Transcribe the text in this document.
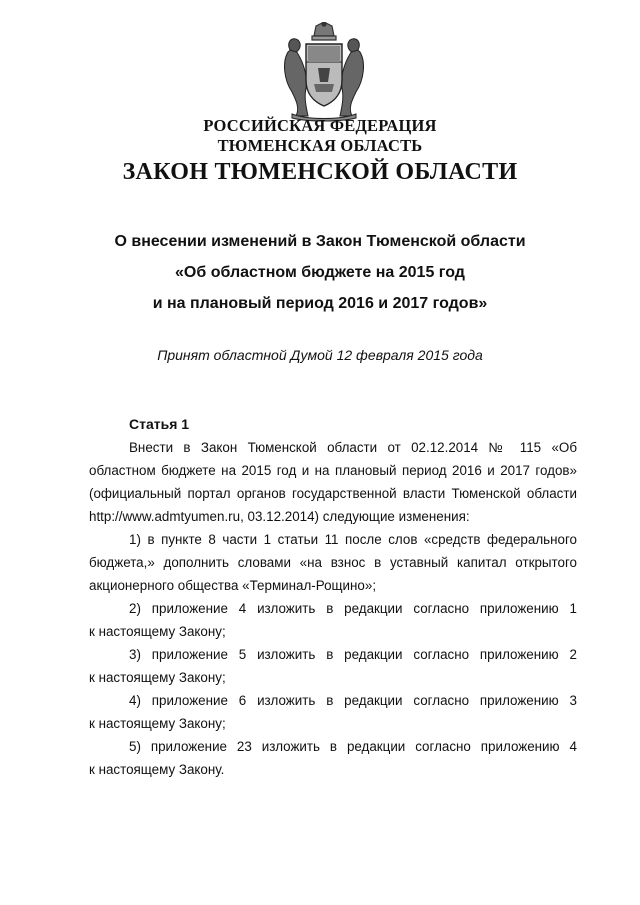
РОССИЙСКАЯ ФЕДЕРАЦИЯ
ТЮМЕНСКАЯ ОБЛАСТЬ
ЗАКОН ТЮМЕНСКОЙ ОБЛАСТИ
О внесении изменений в Закон Тюменской области
«Об областном бюджете на 2015 год
и на плановый период 2016 и 2017 годов»
Принят областной Думой 12 февраля 2015 года
Статья 1

Внести в Закон Тюменской области от 02.12.2014 № 115 «Об областном бюджете на 2015 год и на плановый период 2016 и 2017 годов» (официальный портал органов государственной власти Тюменской области http://www.admtyumen.ru, 03.12.2014) следующие изменения:

1) в пункте 8 части 1 статьи 11 после слов «средств федерального бюджета,» дополнить словами «на взнос в уставный капитал открытого акционерного общества «Терминал-Рощино»;

2) приложение 4 изложить в редакции согласно приложению 1
к настоящему Закону;
3) приложение 5 изложить в редакции согласно приложению 2
к настоящему Закону;
4) приложение 6 изложить в редакции согласно приложению 3
к настоящему Закону;
5) приложение 23 изложить в редакции согласно приложению 4
к настоящему Закону.
